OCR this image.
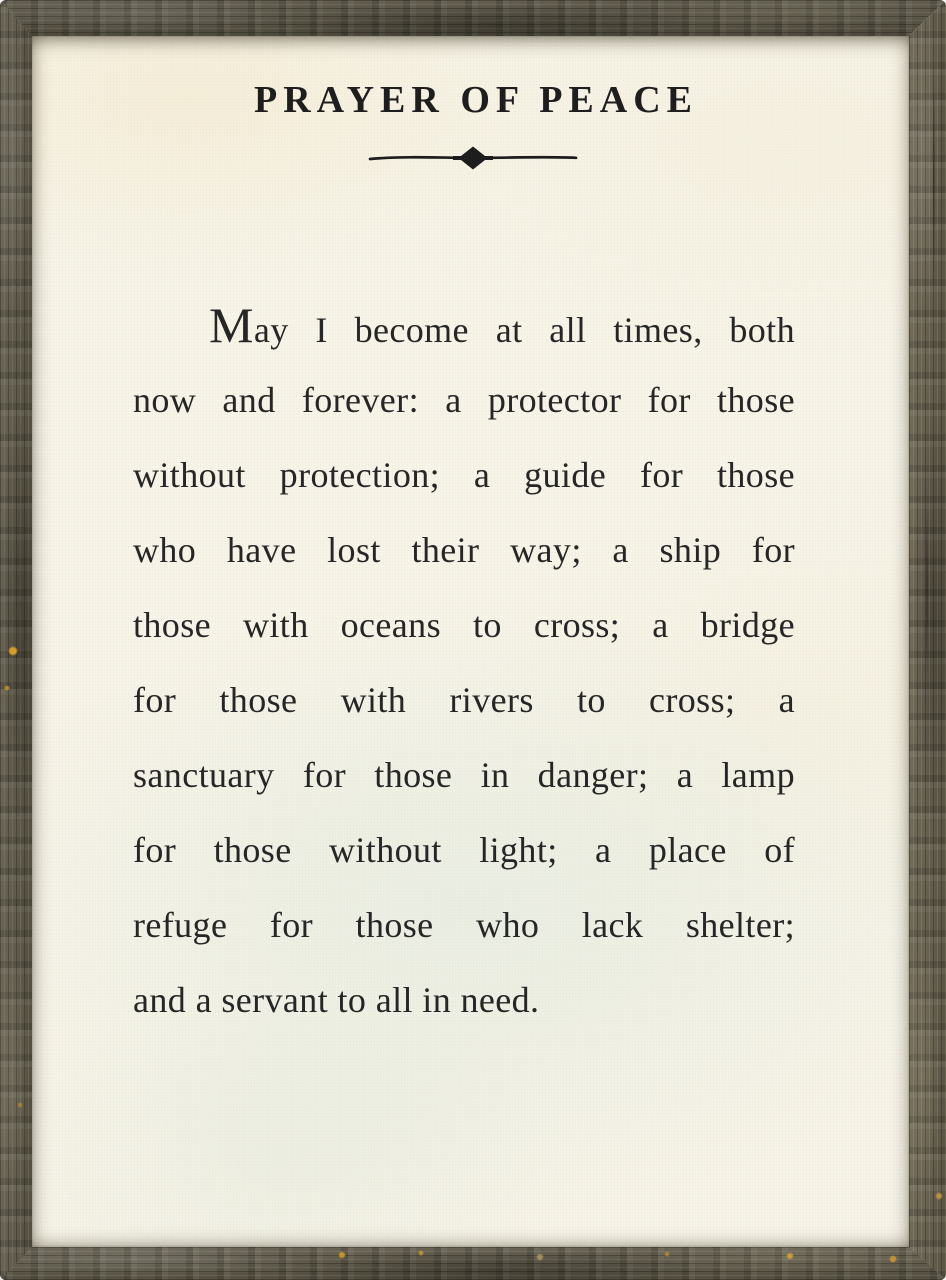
PRAYER OF PEACE
May I become at all times, both
now and forever: a protector for those
without protection; a guide for those
who have lost their way; a ship for
those with oceans to cross; a bridge
for those with rivers to cross; a
sanctuary for those in danger; a lamp
for those without light; a place of
refuge for those who lack shelter;
and a servant to all in need.
